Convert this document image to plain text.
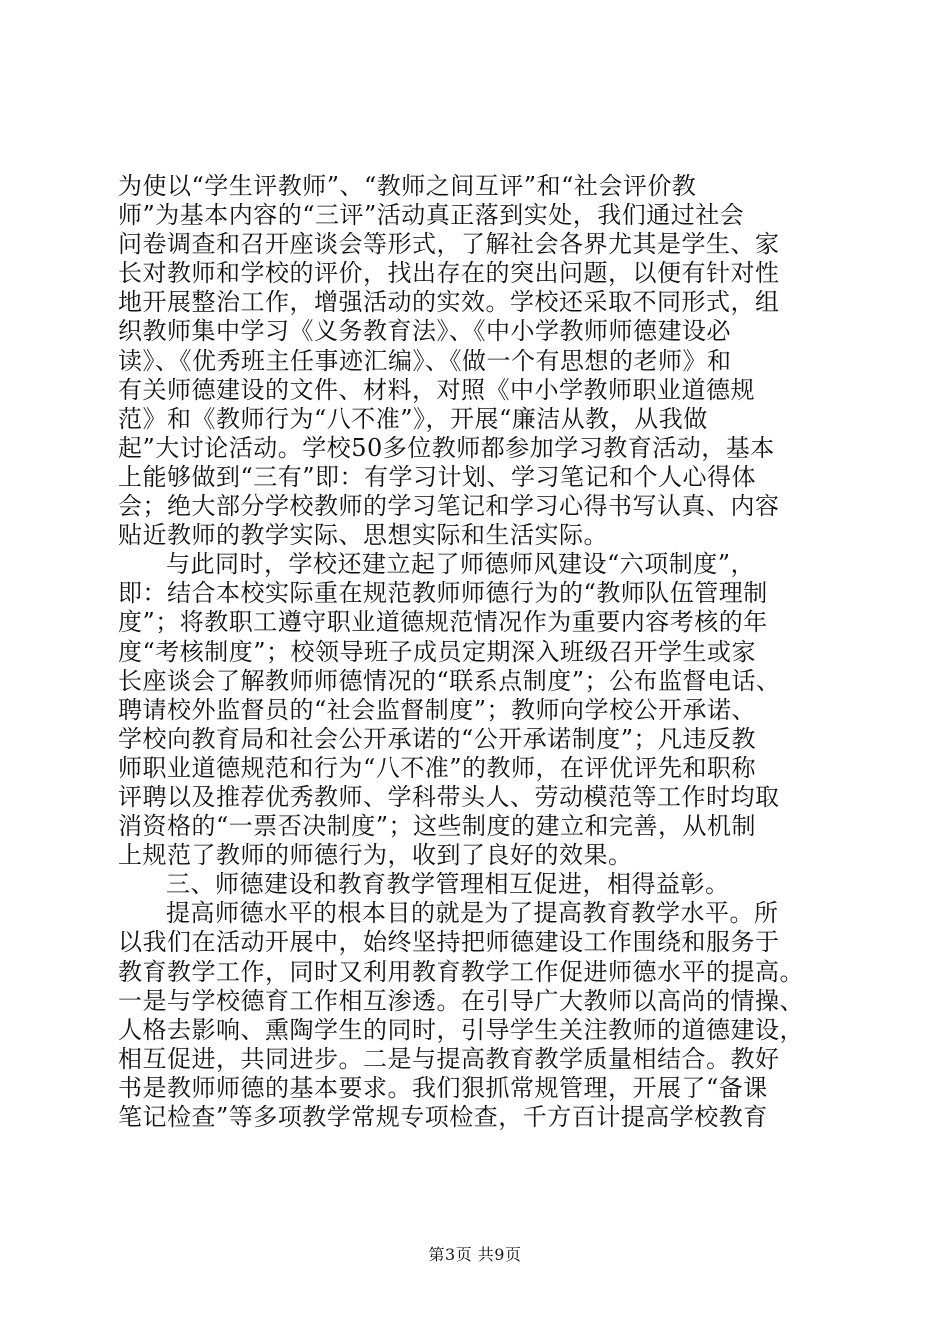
为使以“学生评教师”、“教师之间互评”和“社会评价教
师”为基本内容的“三评”活动真正落到实处，我们通过社会
问卷调查和召开座谈会等形式，了解社会各界尤其是学生、家
长对教师和学校的评价，找出存在的突出问题，以便有针对性
地开展整治工作，增强活动的实效。学校还采取不同形式，组
织教师集中学习《义务教育法》、《中小学教师师德建设必
读》、《优秀班主任事迹汇编》、《做一个有思想的老师》和
有关师德建设的文件、材料，对照《中小学教师职业道德规
范》和《教师行为“八不准”》，开展“廉洁从教，从我做
起”大讨论活动。学校50多位教师都参加学习教育活动，基本
上能够做到“三有”即：有学习计划、学习笔记和个人心得体
会；绝大部分学校教师的学习笔记和学习心得书写认真、内容
贴近教师的教学实际、思想实际和生活实际。
与此同时，学校还建立起了师德师风建设“六项制度”，
即：结合本校实际重在规范教师师德行为的“教师队伍管理制
度”；将教职工遵守职业道德规范情况作为重要内容考核的年
度“考核制度”；校领导班子成员定期深入班级召开学生或家
长座谈会了解教师师德情况的“联系点制度”；公布监督电话、
聘请校外监督员的“社会监督制度”；教师向学校公开承诺、
学校向教育局和社会公开承诺的“公开承诺制度”；凡违反教
师职业道德规范和行为“八不准”的教师，在评优评先和职称
评聘以及推荐优秀教师、学科带头人、劳动模范等工作时均取
消资格的“一票否决制度”；这些制度的建立和完善，从机制
上规范了教师的师德行为，收到了良好的效果。
三、师德建设和教育教学管理相互促进，相得益彰。
提高师德水平的根本目的就是为了提高教育教学水平。所
以我们在活动开展中，始终坚持把师德建设工作围绕和服务于
教育教学工作，同时又利用教育教学工作促进师德水平的提高。
一是与学校德育工作相互渗透。在引导广大教师以高尚的情操、
人格去影响、熏陶学生的同时，引导学生关注教师的道德建设，
相互促进，共同进步。二是与提高教育教学质量相结合。教好
书是教师师德的基本要求。我们狠抓常规管理，开展了“备课
笔记检查”等多项教学常规专项检查，千方百计提高学校教育
第3页 共9页
